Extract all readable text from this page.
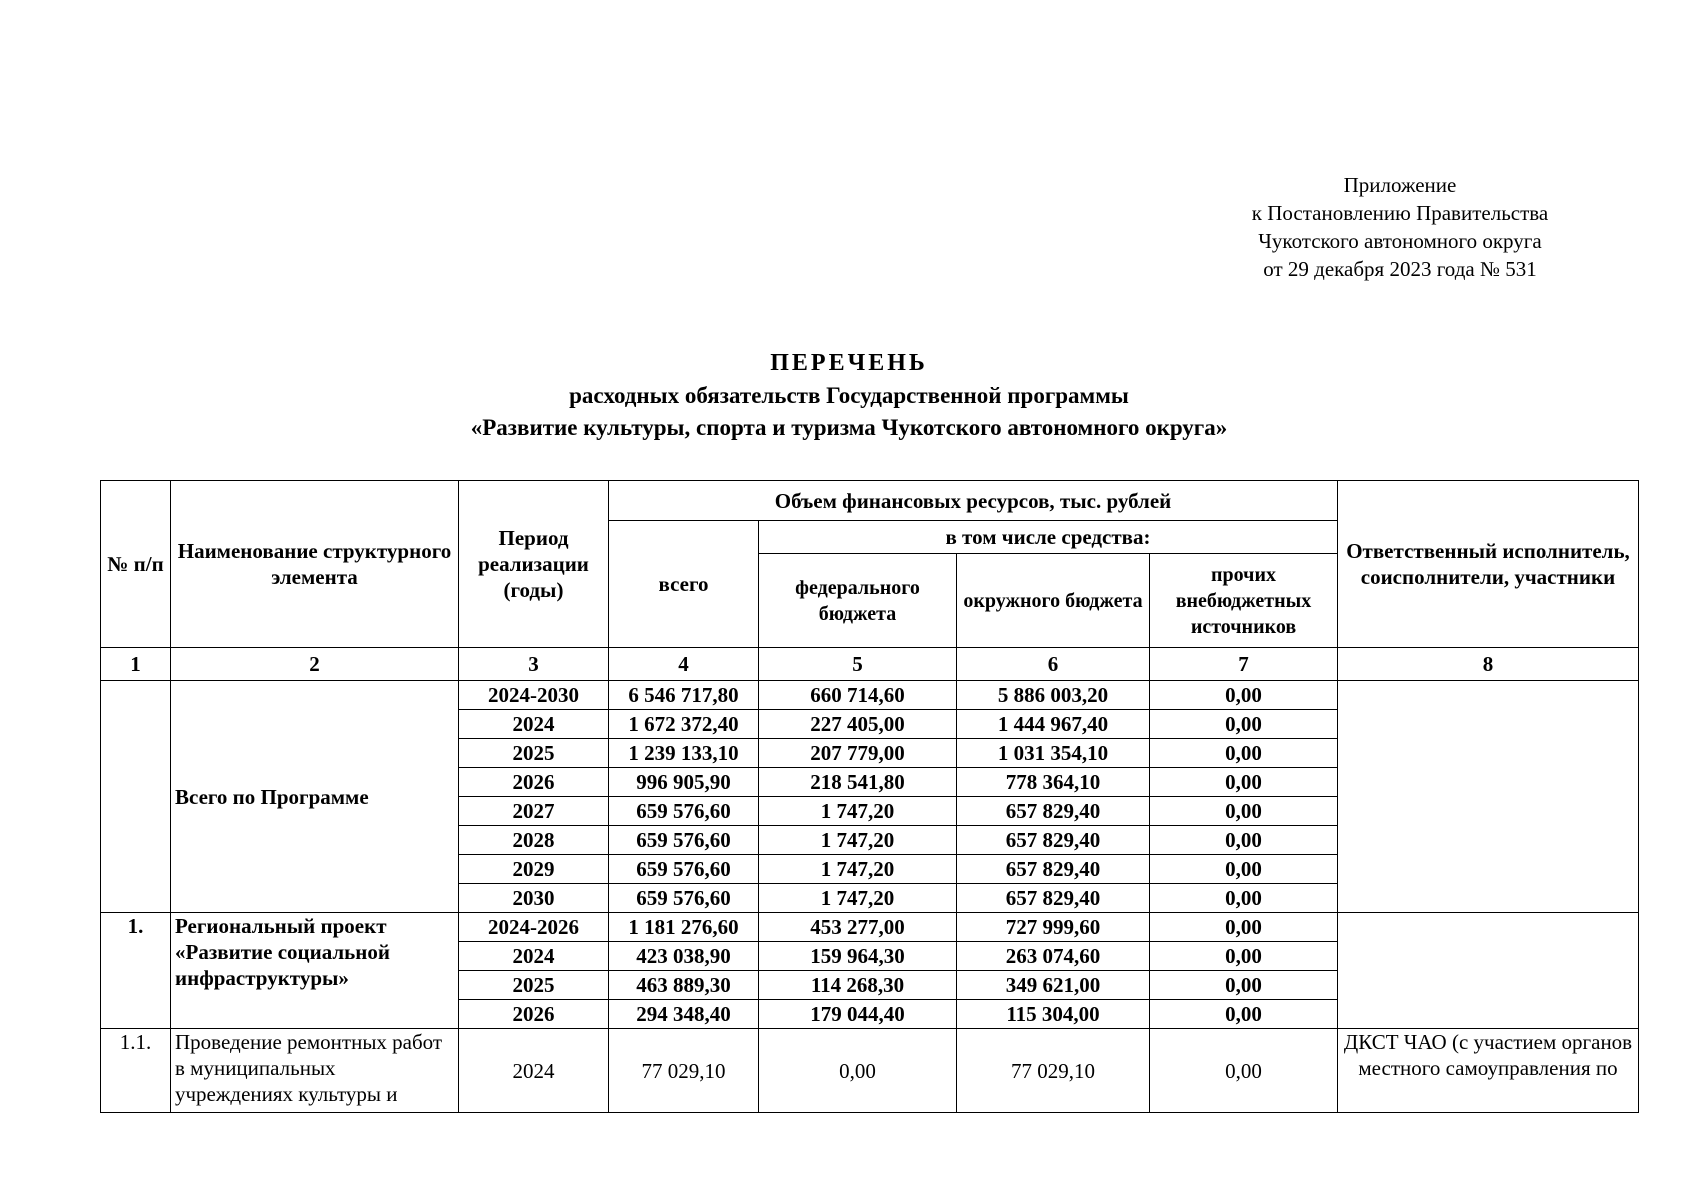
Приложение
к Постановлению Правительства
Чукотского автономного округа
от 29 декабря 2023 года № 531
ПЕРЕЧЕНЬ
расходных обязательств Государственной программы
«Развитие культуры, спорта и туризма Чукотского автономного округа»
№ п/п	Наименование структурного элемента	Период реализации (годы)	Объем финансовых ресурсов, тыс. рублей				Ответственный исполнитель, соисполнители, участники
			всего	в том числе средства:			
				федерального бюджета	окружного бюджета	прочих внебюджетных источников	
1	2	3	4	5	6	7	8
	Всего по Программе	2024-2030	6 546 717,80	660 714,60	5 886 003,20	0,00	
		2024	1 672 372,40	227 405,00	1 444 967,40	0,00	
		2025	1 239 133,10	207 779,00	1 031 354,10	0,00	
		2026	996 905,90	218 541,80	778 364,10	0,00	
		2027	659 576,60	1 747,20	657 829,40	0,00	
		2028	659 576,60	1 747,20	657 829,40	0,00	
		2029	659 576,60	1 747,20	657 829,40	0,00	
		2030	659 576,60	1 747,20	657 829,40	0,00	
1.	Региональный проект «Развитие социальной инфраструктуры»	2024-2026	1 181 276,60	453 277,00	727 999,60	0,00	
		2024	423 038,90	159 964,30	263 074,60	0,00	
		2025	463 889,30	114 268,30	349 621,00	0,00	
		2026	294 348,40	179 044,40	115 304,00	0,00	
1.1.	Проведение ремонтных работ в муниципальных учреждениях культуры и	2024	77 029,10	0,00	77 029,10	0,00	ДКСТ ЧАО (с участием органов местного самоуправления по
